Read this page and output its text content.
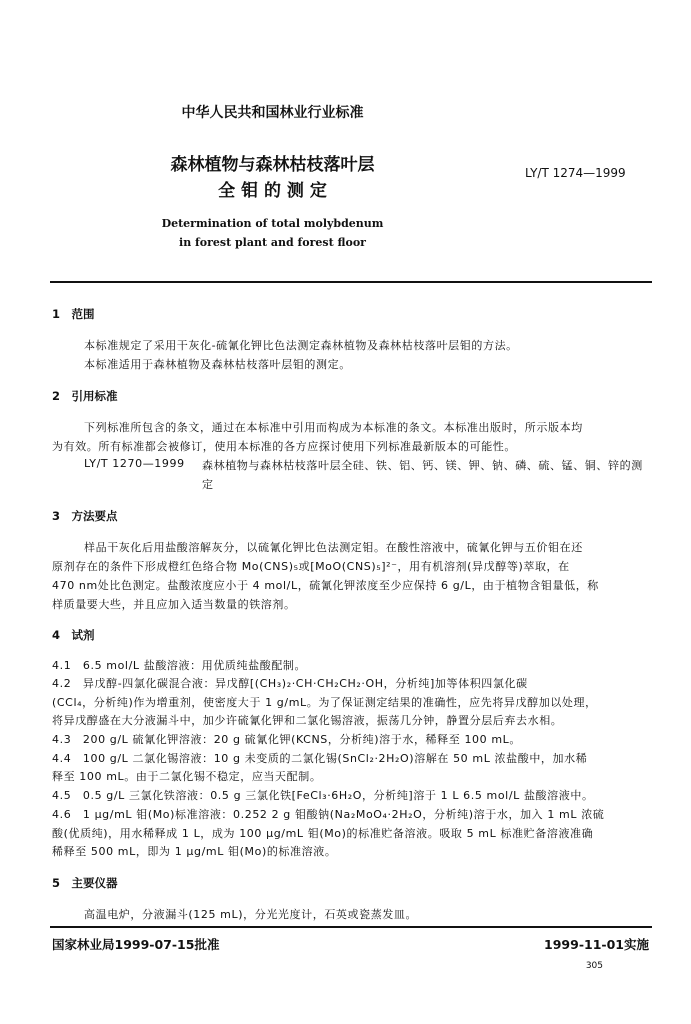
中华人民共和国林业行业标准
森林植物与森林枯枝落叶层
全 钼 的 测 定
LY/T 1274—1999
Determination of total molybdenum
in forest plant and forest floor
1　范围
本标准规定了采用干灰化-硫氰化钾比色法测定森林植物及森林枯枝落叶层钼的方法。
本标准适用于森林植物及森林枯枝落叶层钼的测定。
2　引用标准
下列标准所包含的条文，通过在本标准中引用而构成为本标准的条文。本标准出版时，所示版本均
为有效。所有标准都会被修订，使用本标准的各方应探讨使用下列标准最新版本的可能性。
LY/T 1270—1999 森林植物与森林枯枝落叶层全硅、铁、铝、钙、镁、钾、钠、磷、硫、锰、铜、锌的测
定
3　方法要点
样品干灰化后用盐酸溶解灰分，以硫氰化钾比色法测定钼。在酸性溶液中，硫氰化钾与五价钼在还
原剂存在的条件下形成橙红色络合物 Mo(CNS)₅或[MoO(CNS)₅]²⁻，用有机溶剂(异戊醇等)萃取，在
470 nm处比色测定。盐酸浓度应小于 4 mol/L，硫氰化钾浓度至少应保持 6 g/L，由于植物含钼量低，称
样质量要大些，并且应加入适当数量的铁溶剂。
4　试剂
4.1　6.5 mol/L 盐酸溶液：用优质纯盐酸配制。
4.2　异戊醇-四氯化碳混合液：异戊醇[(CH₃)₂·CH·CH₂CH₂·OH，分析纯]加等体积四氯化碳
(CCl₄，分析纯)作为增重剂，使密度大于 1 g/mL。为了保证测定结果的准确性，应先将异戊醇加以处理，
将异戊醇盛在大分液漏斗中，加少许硫氰化钾和二氯化锡溶液，振荡几分钟，静置分层后弃去水相。
4.3　200 g/L 硫氰化钾溶液：20 g 硫氰化钾(KCNS，分析纯)溶于水，稀释至 100 mL。
4.4　100 g/L 二氯化锡溶液：10 g 未变质的二氯化锡(SnCl₂·2H₂O)溶解在 50 mL 浓盐酸中，加水稀
释至 100 mL。由于二氯化锡不稳定，应当天配制。
4.5　0.5 g/L 三氯化铁溶液：0.5 g 三氯化铁[FeCl₃·6H₂O，分析纯]溶于 1 L 6.5 mol/L 盐酸溶液中。
4.6　1 μg/mL 钼(Mo)标准溶液：0.252 2 g 钼酸钠(Na₂MoO₄·2H₂O，分析纯)溶于水，加入 1 mL 浓硫
酸(优质纯)，用水稀释成 1 L，成为 100 μg/mL 钼(Mo)的标准贮备溶液。吸取 5 mL 标准贮备溶液准确
稀释至 500 mL，即为 1 μg/mL 钼(Mo)的标准溶液。
5　主要仪器
高温电炉，分液漏斗(125 mL)，分光光度计，石英或瓷蒸发皿。
国家林业局1999-07-15批准	1999-11-01实施
305
